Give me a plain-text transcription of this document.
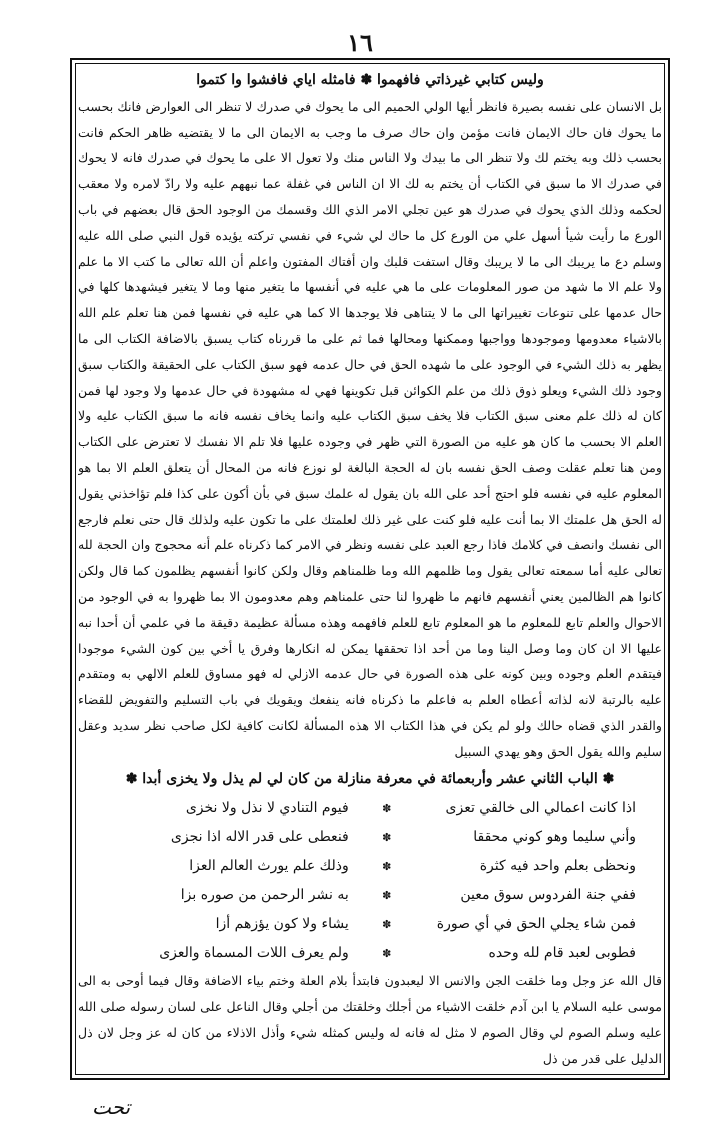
١٦
وليس كتابي غيرذاتي فافهموا ✽ فامثله اياي فافشوا وا كتموا

بل الانسان على نفسه بصيرة فانظر أيها الولي الحميم الى ما يحوك في صدرك لا تنظر الى العوارض فانك بحسب ما يحوك فان حاك الايمان فانت مؤمن وان حاك صرف ما وجب به الايمان الى ما لا يقتضيه ظاهر الحكم فانت بحسب ذلك وبه يختم لك ولا تنظر الى ما بيدك ولا الناس منك ولا تعول الا على ما يحوك في صدرك فانه لا يحوك في صدرك الا ما سبق في الكتاب أن يختم به لك الا ان الناس في غفلة عما نبههم عليه ولا رادّ لامره ولا معقب لحكمه وذلك الذي يحوك في صدرك هو عين تجلي الامر الذي الك وقسمك من الوجود الحق قال بعضهم في باب الورع ما رأيت شيأ أسهل علي من الورع كل ما حاك لي شيء في نفسي تركته يؤيده قول النبي صلى الله عليه وسلم دع ما يريبك الى ما لا يريبك وقال استفت قلبك وان أفتاك المفتون واعلم أن الله تعالى ما كتب الا ما علم ولا علم الا ما شهد من صور المعلومات على ما هي عليه في أنفسها ما يتغير منها وما لا يتغير فيشهدها كلها في حال عدمها على تنوعات تغييراتها الى ما لا يتناهى فلا يوجدها الا كما هي عليه في نفسها فمن هنا تعلم علم الله بالاشياء معدومها وموجودها وواجبها وممكنها ومحالها فما ثم على ما قررناه كتاب يسبق بالاضافة الكتاب الى ما يظهر به ذلك الشيء في الوجود على ما شهده الحق في حال عدمه فهو سبق الكتاب على الحقيقة والكتاب سبق وجود ذلك الشيء ويعلو ذوق ذلك من علم الكوائن قبل تكوينها فهي له مشهودة في حال عدمها ولا وجود لها فمن كان له ذلك علم معنى سبق الكتاب فلا يخف سبق الكتاب عليه وانما يخاف نفسه فانه ما سبق الكتاب عليه ولا العلم الا بحسب ما كان هو عليه من الصورة التي ظهر في وجوده عليها فلا تلم الا نفسك لا تعترض على الكتاب ومن هنا تعلم عقلت وصف الحق نفسه بان له الحجة البالغة لو نوزع فانه من المحال أن يتعلق العلم الا بما هو المعلوم عليه في نفسه فلو احتج أحد على الله بان يقول له علمك سبق في بأن أكون على كذا فلم تؤاخذني يقول له الحق هل علمتك الا بما أنت عليه فلو كنت على غير ذلك لعلمتك على ما تكون عليه ولذلك قال حتى نعلم فارجع الى نفسك وانصف في كلامك فاذا رجع العبد على نفسه ونظر في الامر كما ذكرناه علم أنه محجوج وان الحجة لله تعالى عليه أما سمعته تعالى يقول وما ظلمهم الله وما ظلمناهم وقال ولكن كانوا أنفسهم يظلمون كما قال ولكن كانوا هم الظالمين يعني أنفسهم فانهم ما ظهروا لنا حتى علمناهم وهم معدومون الا بما ظهروا به في الوجود من الاحوال والعلم تابع للمعلوم ما هو المعلوم تابع للعلم فافهمه وهذه مسألة عظيمة دقيقة ما في علمي أن أحدا نبه عليها الا ان كان وما وصل الينا وما من أحد اذا تحققها يمكن له انكارها وفرق يا أخي بين كون الشيء موجودا فيتقدم العلم وجوده وبين كونه على هذه الصورة في حال عدمه الازلي له فهو مساوق للعلم الالهي به ومتقدم عليه بالرتبة لانه لذاته أعطاه العلم به فاعلم ما ذكرناه فانه ينفعك ويقويك في باب التسليم والتفويض للقضاء والقدر الذي قضاه حالك ولو لم يكن في هذا الكتاب الا هذه المسألة لكانت كافية لكل صاحب نظر سديد وعقل سليم والله يقول الحق وهو يهدي السبيل

✽ الباب الثاني عشر وأربعمائة في معرفة منازلة من كان لي لم يذل ولا يخزى أبدا ✽
اذا كانت اعمالي الى خالقي تعزى
✽
فيوم التنادي لا نذل ولا نخزى
وأني سليما وهو كوني محققا
✽
فنعطى على قدر الاله اذا نجزى
ونحظى بعلم واحد فيه كثرة
✽
وذلك علم يورث العالم العزا
ففي جنة الفردوس سوق معين
✽
به نشر الرحمن من صوره بزا
فمن شاء يجلي الحق في أي صورة
✽
يشاء ولا كون يؤزهم أزا
فطوبى لعبد قام لله وحده
✽
ولم يعرف اللات المسماة والعزى

قال الله عز وجل وما خلقت الجن والانس الا ليعبدون فابتدأ بلام العلة وختم بياء الاضافة وقال فيما أوحى به الى موسى عليه السلام يا ابن آدم خلقت الاشياء من أجلك وخلقتك من أجلي وقال الناعل على لسان رسوله صلى الله عليه وسلم الصوم لي وقال الصوم لا مثل له فانه له وليس كمثله شيء وأذل الاذلاء من كان له عز وجل لان ذل الدليل على قدر من ذل

تحت
